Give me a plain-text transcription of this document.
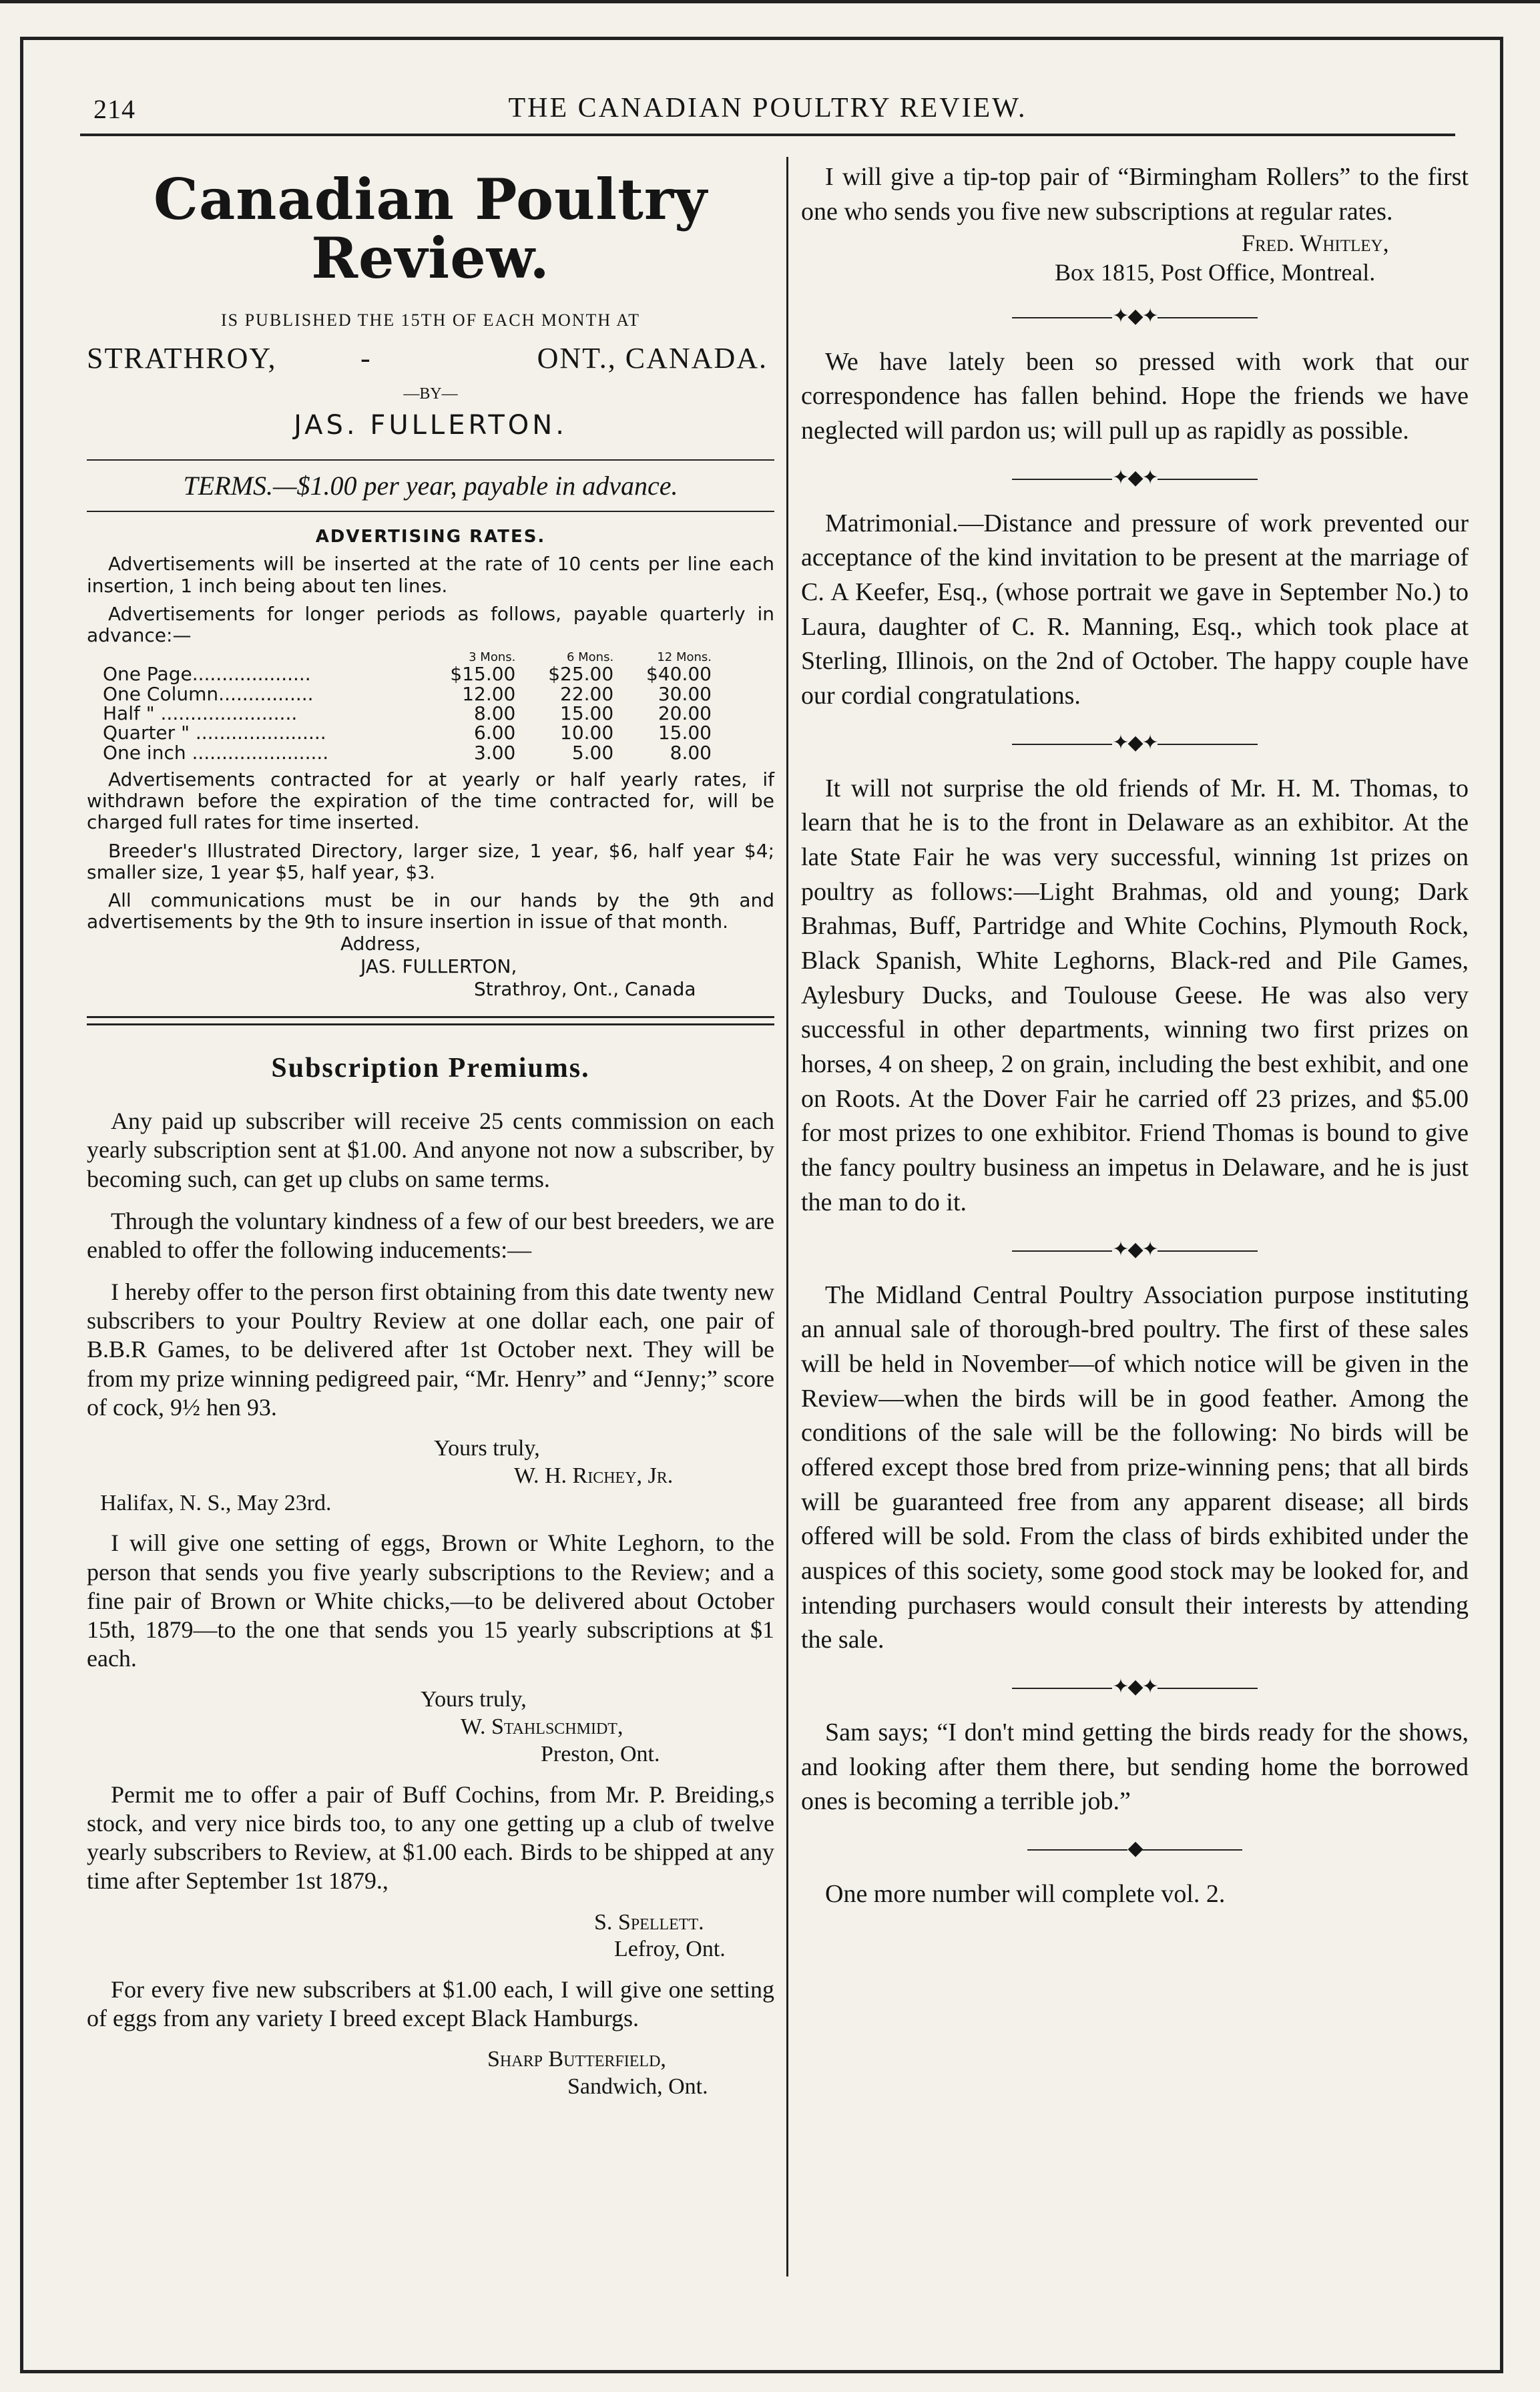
214	THE CANADIAN POULTRY REVIEW.
Canadian Poultry Review.
IS PUBLISHED THE 15TH OF EACH MONTH AT
STRATHROY,	-	ONT., CANADA.
—BY—
JAS. FULLERTON.
TERMS.—$1.00 per year, payable in advance.
ADVERTISING RATES.

Advertisements will be inserted at the rate of 10 cents per line each insertion, 1 inch being about ten lines.

Advertisements for longer periods as follows, payable quarterly in advance:—

	3 Mons.	6 Mons.	12 Mons.
One Page....................	$15.00	$25.00	$40.00
One Column................	12.00	22.00	30.00
Half " .......................	8.00	15.00	20.00
Quarter " ......................	6.00	10.00	15.00
One inch .......................	3.00	5.00	8.00

Advertisements contracted for at yearly or half yearly rates, if withdrawn before the expiration of the time contracted for, will be charged full rates for time inserted.

Breeder's Illustrated Directory, larger size, 1 year, $6, half year $4; smaller size, 1 year $5, half year, $3.

All communications must be in our hands by the 9th and advertisements by the 9th to insure insertion in issue of that month.

Address,
JAS. FULLERTON,
Strathroy, Ont., Canada
Subscription Premiums.

Any paid up subscriber will receive 25 cents commission on each yearly subscription sent at $1.00. And anyone not now a subscriber, by becoming such, can get up clubs on same terms.

Through the voluntary kindness of a few of our best breeders, we are enabled to offer the following inducements:—

I hereby offer to the person first obtaining from this date twenty new subscribers to your Poultry Review at one dollar each, one pair of B.B.R Games, to be delivered after 1st October next. They will be from my prize winning pedigreed pair, “Mr. Henry” and “Jenny;” score of cock, 9½ hen 93.

Yours truly,
W. H. Richey, Jr.
Halifax, N. S., May 23rd.

I will give one setting of eggs, Brown or White Leghorn, to the person that sends you five yearly subscriptions to the Review; and a fine pair of Brown or White chicks,—to be delivered about October 15th, 1879—to the one that sends you 15 yearly subscriptions at $1 each.

Yours truly,
W. Stahlschmidt,
Preston, Ont.

Permit me to offer a pair of Buff Cochins, from Mr. P. Breiding,s stock, and very nice birds too, to any one getting up a club of twelve yearly subscribers to Review, at $1.00 each. Birds to be shipped at any time after September 1st 1879.,

S. Spellett.
Lefroy, Ont.

For every five new subscribers at $1.00 each, I will give one setting of eggs from any variety I breed except Black Hamburgs.

Sharp Butterfield,
Sandwich, Ont.

I will give a tip-top pair of “Birmingham Rollers” to the first one who sends you five new subscriptions at regular rates.

Fred. Whitley,
Box 1815, Post Office, Montreal.
✦◆✦

We have lately been so pressed with work that our correspondence has fallen behind. Hope the friends we have neglected will pardon us; will pull up as rapidly as possible.

✦◆✦

Matrimonial.—Distance and pressure of work prevented our acceptance of the kind invitation to be present at the marriage of C. A Keefer, Esq., (whose portrait we gave in September No.) to Laura, daughter of C. R. Manning, Esq., which took place at Sterling, Illinois, on the 2nd of October. The happy couple have our cordial congratulations.

✦◆✦

It will not surprise the old friends of Mr. H. M. Thomas, to learn that he is to the front in Delaware as an exhibitor. At the late State Fair he was very successful, winning 1st prizes on poultry as follows:—Light Brahmas, old and young; Dark Brahmas, Buff, Partridge and White Cochins, Plymouth Rock, Black Spanish, White Leghorns, Black-red and Pile Games, Aylesbury Ducks, and Toulouse Geese. He was also very successful in other departments, winning two first prizes on horses, 4 on sheep, 2 on grain, including the best exhibit, and one on Roots. At the Dover Fair he carried off 23 prizes, and $5.00 for most prizes to one exhibitor. Friend Thomas is bound to give the fancy poultry business an impetus in Delaware, and he is just the man to do it.

✦◆✦

The Midland Central Poultry Association purpose instituting an annual sale of thorough-bred poultry. The first of these sales will be held in November—of which notice will be given in the Review—when the birds will be in good feather. Among the conditions of the sale will be the following: No birds will be offered except those bred from prize-winning pens; that all birds will be guaranteed free from any apparent disease; all birds offered will be sold. From the class of birds exhibited under the auspices of this society, some good stock may be looked for, and intending purchasers would consult their interests by attending the sale.

✦◆✦

Sam says; “I don't mind getting the birds ready for the shows, and looking after them there, but sending home the borrowed ones is becoming a terrible job.”

◆

One more number will complete vol. 2.
